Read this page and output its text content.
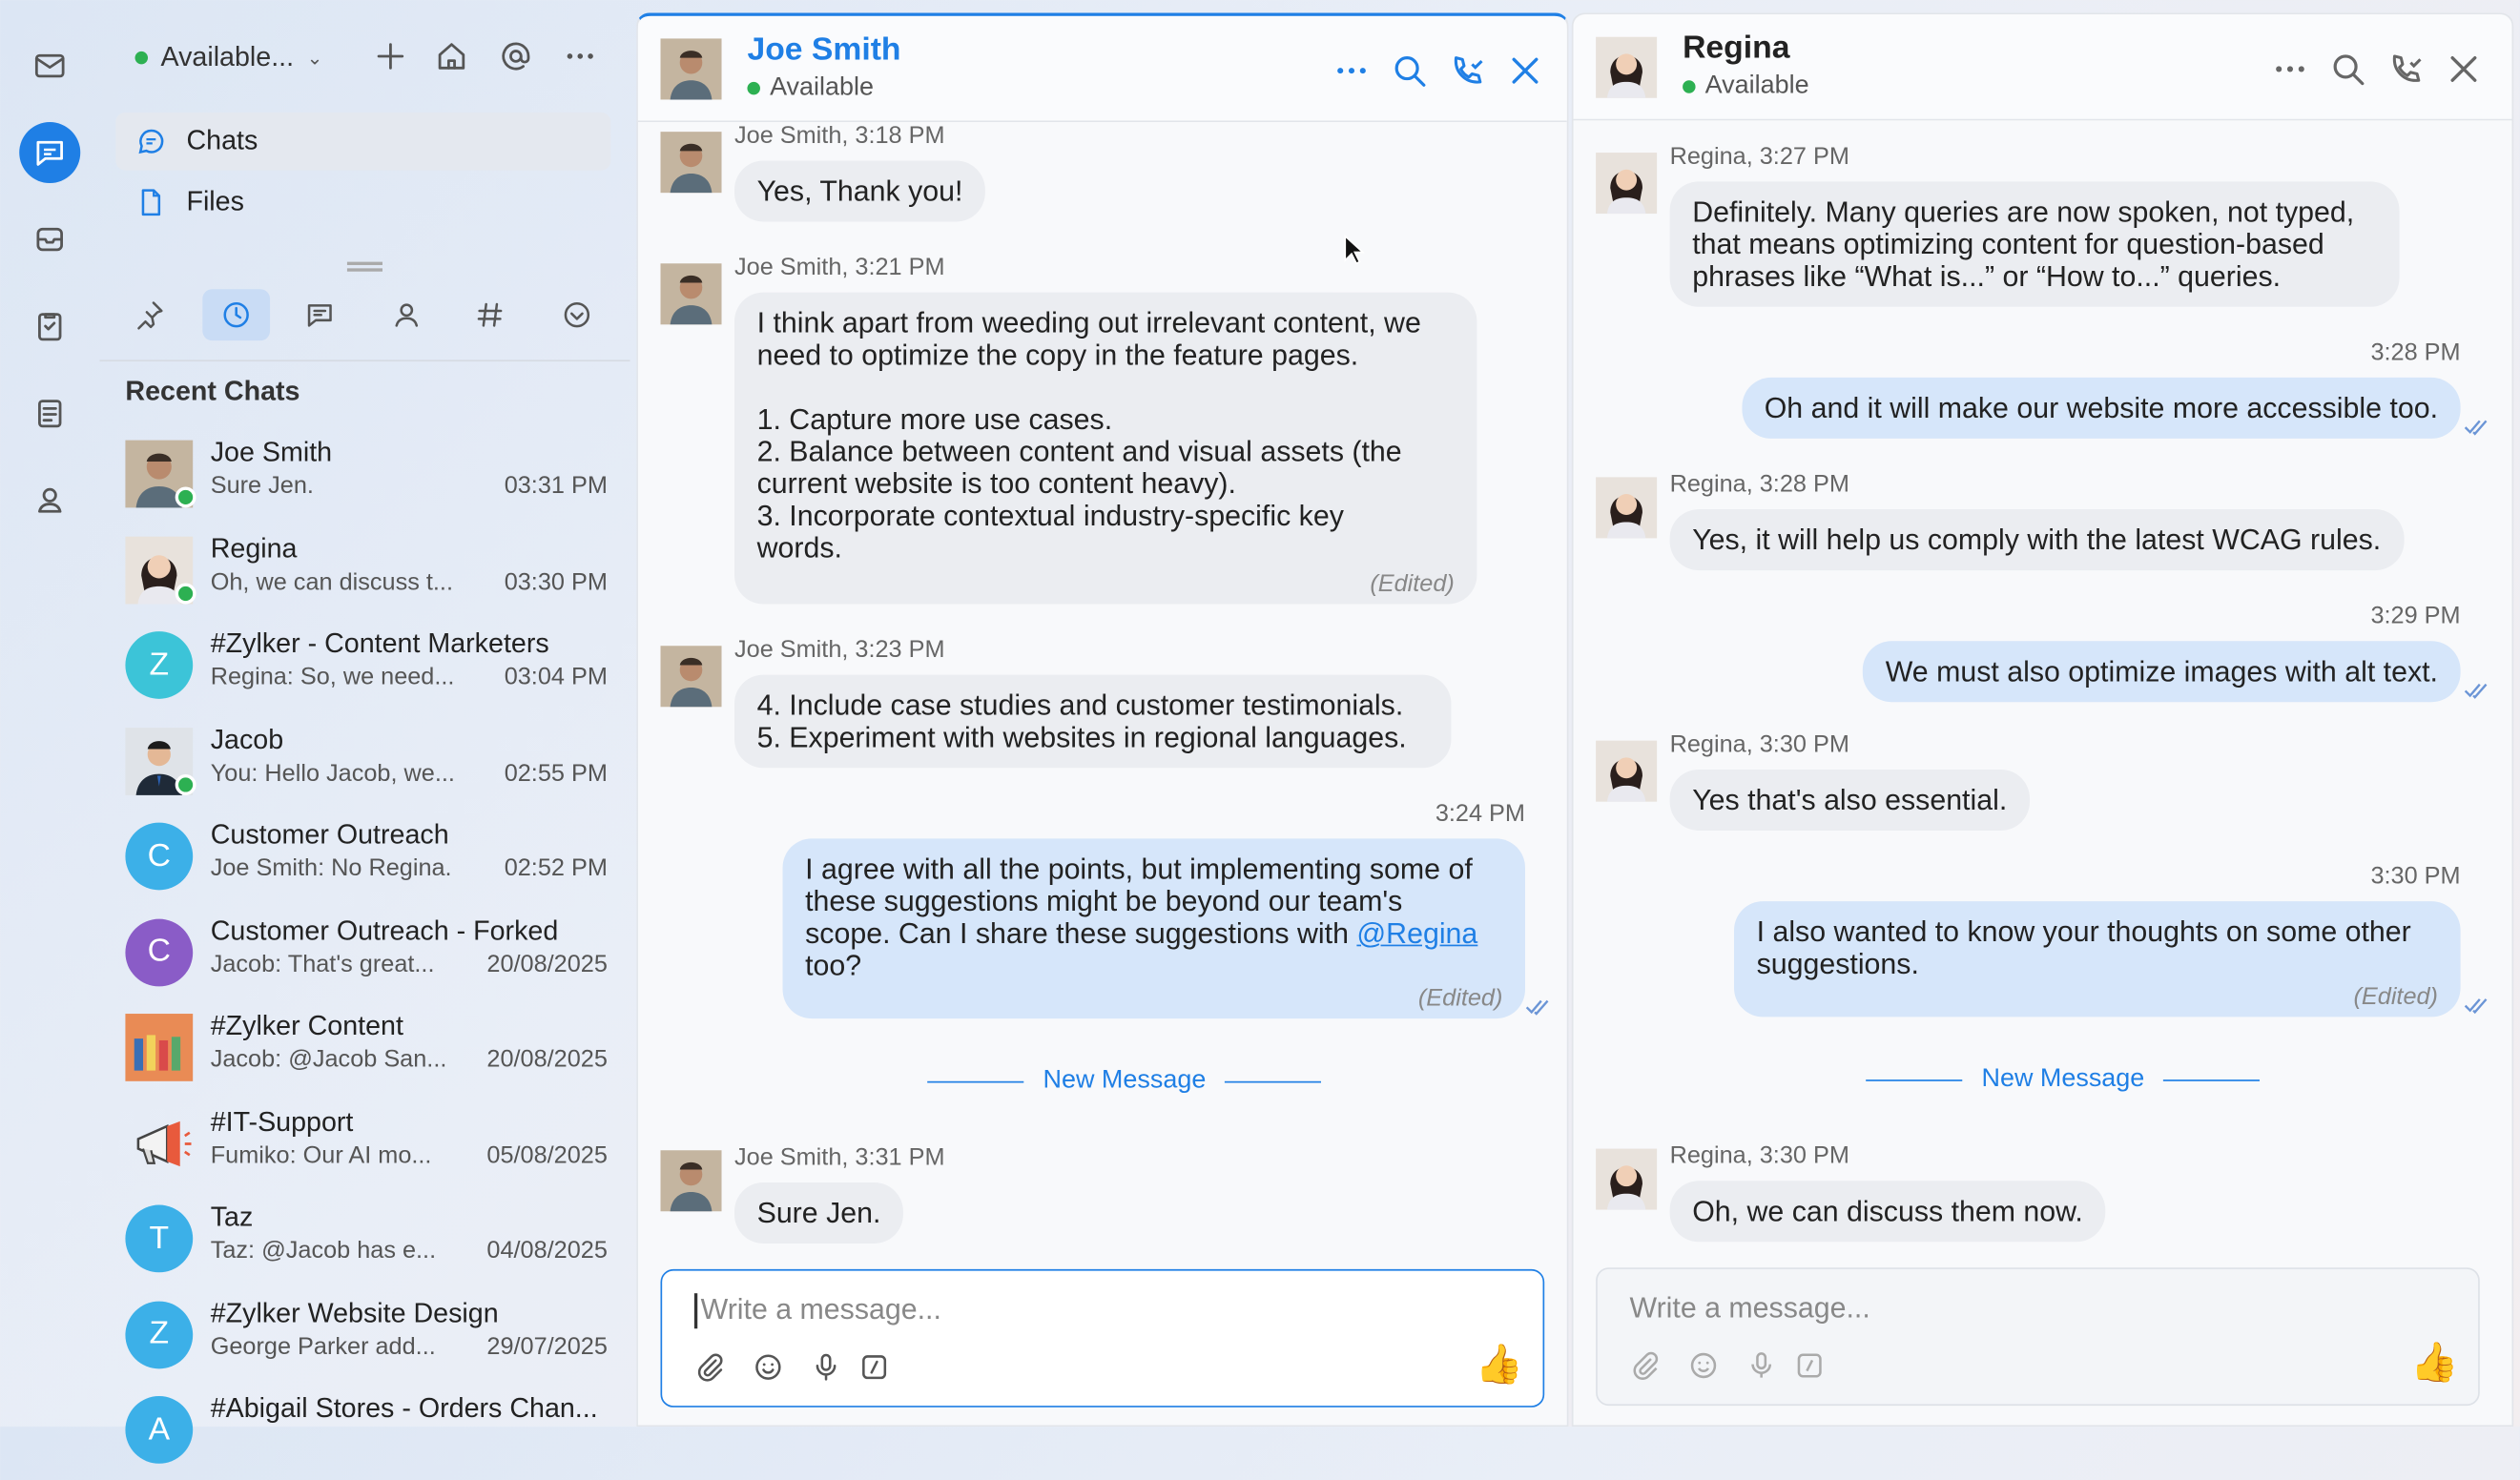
Available... ⌄
Chats
Files
Recent Chats
Joe Smith
Sure Jen.	03:31 PM
Regina
Oh, we can discuss t...	03:30 PM
Z
#Zylker - Content Marketers
Regina: So, we need...	03:04 PM
Jacob
You: Hello Jacob, we...	02:55 PM
C
Customer Outreach
Joe Smith: No Regina.	02:52 PM
C
Customer Outreach - Forked
Jacob: That's great...	20/08/2025
#Zylker Content
Jacob: @Jacob San...	20/08/2025
#IT-Support
Fumiko: Our AI mo...	05/08/2025
T
Taz
Taz: @Jacob has e...	04/08/2025
Z
#Zylker Website Design
George Parker add...	29/07/2025
A
#Abigail Stores - Orders Chan...
Joe Smith
Available
Joe Smith, 3:18 PM
Yes, Thank you!
Joe Smith, 3:21 PM
I think apart from weeding out irrelevant content, we
need to optimize the copy in the feature pages.
1. Capture more use cases.
2. Balance between content and visual assets (the
current website is too content heavy).
3. Incorporate contextual industry-specific key
words.
(Edited)
Joe Smith, 3:23 PM
4. Include case studies and customer testimonials.
5. Experiment with websites in regional languages.
3:24 PM
I agree with all the points, but implementing some of
these suggestions might be beyond our team's
scope. Can I share these suggestions with @Regina
too?
(Edited)
New Message
Joe Smith, 3:31 PM
Sure Jen.
Write a message...
👍
Regina
Available
Regina, 3:27 PM
Definitely. Many queries are now spoken, not typed,
that means optimizing content for question-based
phrases like “What is...” or “How to...” queries.
3:28 PM
Oh and it will make our website more accessible too.
Regina, 3:28 PM
Yes, it will help us comply with the latest WCAG rules.
3:29 PM
We must also optimize images with alt text.
Regina, 3:30 PM
Yes that's also essential.
3:30 PM
I also wanted to know your thoughts on some other
suggestions.
(Edited)
New Message
Regina, 3:30 PM
Oh, we can discuss them now.
Write a message...
👍
